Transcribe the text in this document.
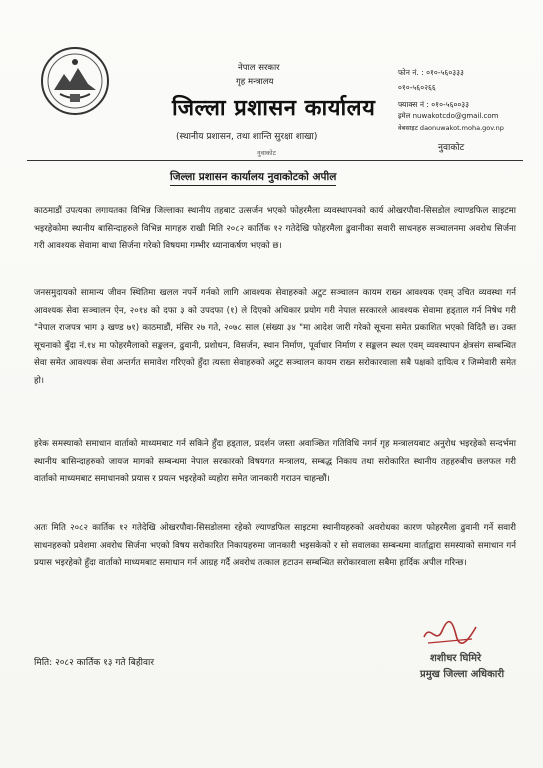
नेपाल सरकार
गृह मन्त्रालय
जिल्ला प्रशासन कार्यालय
(स्थानीय प्रशासन, तथा शान्ति सुरक्षा शाखा)
नुवाकोट
फोन नं. : ०१०-५६०३३३
०१०-५६०२६६
फ्याक्स नं : ०१०-५६००३३
इमेल nuwakotcdo@gmail.com
वेबसाइट daonuwakot.moha.gov.np
नुवाकोट
जिल्ला प्रशासन कार्यालय नुवाकोटको अपील

काठमाडौं उपत्यका लगायतका विभिन्न जिल्लाका स्थानीय तहबाट उत्सर्जन भएको फोहरमैला व्यवस्थापनको कार्य ओखरपौवा-सिसडोल ल्याण्डफिल साइटमा भइरहेकोमा स्थानीय बासिन्दाहरुले विभिन्न मागहरु राखी मिति २०८२ कार्तिक १२ गतेदेखि फोहरमैला ढुवानीका सवारी साधनहरु सञ्चालनमा अवरोध सिर्जना गरी आवश्यक सेवामा बाधा सिर्जना गरेको विषयमा गम्भीर ध्यानाकर्षण भएको छ।

जनसमुदायको सामान्य जीवन स्थितिमा खलल नपर्ने गर्नको लागि आवश्यक सेवाहरुको अटुट सञ्चालन कायम राख्न आवश्यक एवम् उचित व्यवस्था गर्न आवश्यक सेवा सञ्चालन ऐन, २०१४ को दफा ३ को उपदफा (१) ले दिएको अधिकार प्रयोग गरी नेपाल सरकारले आवश्यक सेवामा हड्ताल गर्न निषेध गरी "नेपाल राजपत्र भाग ३ खण्ड ७१) काठमाडौं, मंसिर २७ गते, २०७८ साल (संख्या ३४ "मा आदेश जारी गरेको सूचना समेत प्रकाशित भएको विदितै छ। उक्त सूचनाको बुँदा नं.१४ मा फोहरमैलाको सङ्कलन, ढुवानी, प्रशोधन, विसर्जन, स्थान निर्माण, पूर्वाधार निर्माण र सङ्कलन स्थल एवम् व्यवस्थापन क्षेत्रसंग सम्बन्धित सेवा समेत आवश्यक सेवा अन्तर्गत समावेश गरिएको हुँदा त्यस्ता सेवाहरुको अटुट सञ्चालन कायम राख्न सरोकारवाला सबै पक्षको दायित्व र जिम्मेवारी समेत हो।

हरेक समस्याको समाधान वार्ताको माध्यमबाट गर्न सकिने हुँदा हड्ताल, प्रदर्शन जस्ता अवाञ्छित गतिविधि नगर्न गृह मन्त्रालयबाट अनुरोध भइरहेको सन्दर्भमा स्थानीय बासिन्दाहरुको जायज मागको सम्बन्धमा नेपाल सरकारको विषयगत मन्त्रालय, सम्बद्ध निकाय तथा सरोकारित स्थानीय तहहरुबीच छलफल गरी वार्ताको माध्यमबाट समाधानको प्रयास र प्रयत्न भइरहेको व्यहोरा समेत जानकारी गराउन चाहन्छौं।

अतः मिति २०८२ कार्तिक १२ गतेदेखि ओखरपौवा-सिसडोलमा रहेको ल्याण्डफिल साइटमा स्थानीयहरुको अवरोधका कारण फोहरमैला ढुवानी गर्ने सवारी साधनहरुको प्रवेशमा अवरोध सिर्जना भएको विषय सरोकारित निकायहरुमा जानकारी भइसकेको र सो सवालका सम्बन्धमा वार्ताद्वारा समस्याको समाधान गर्न प्रयास भइरहेको हुँदा वार्ताको माध्यमबाट समाधान गर्न आग्रह गर्दै अवरोध तत्काल हटाउन सम्बन्धित सरोकारवाला सबैमा हार्दिक अपील गरिन्छ।

शशीधर घिमिरे
प्रमुख जिल्ला अधिकारी
मिति: २०८२ कार्तिक १३ गते बिहीवार
